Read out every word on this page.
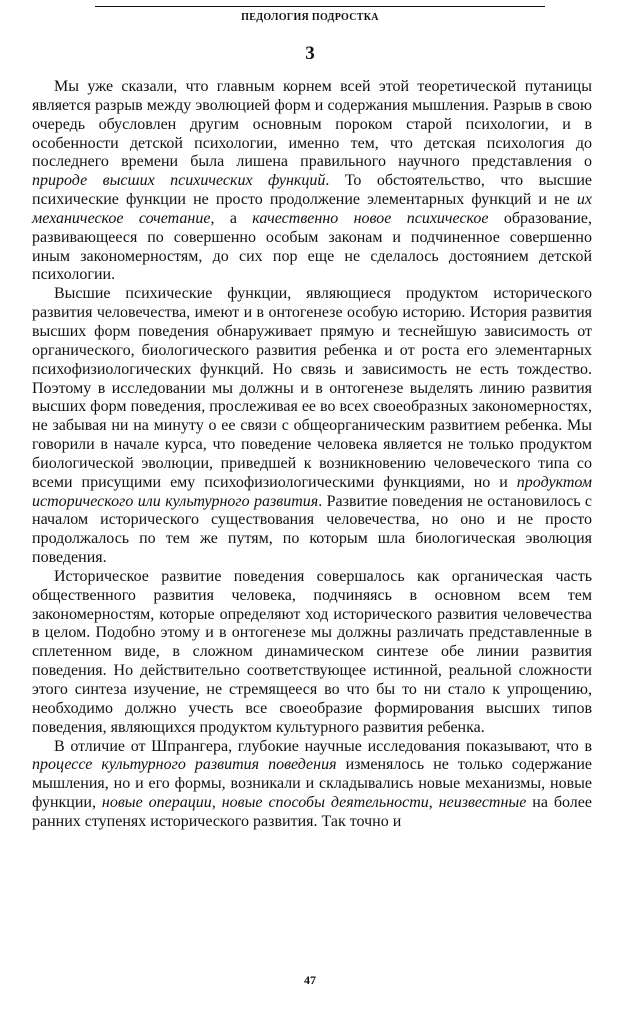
ПЕДОЛОГИЯ ПОДРОСТКА
3

Мы уже сказали, что главным корнем всей этой теоретической путаницы является разрыв между эволюцией форм и содержания мышления. Разрыв в свою очередь обусловлен другим основным пороком старой психологии, и в особенности детской психологии, именно тем, что детская психология до последнего времени была лишена правильного научного представления о природе высших психических функций. То обстоятельство, что высшие психические функции не просто продолжение элементарных функций и не их механическое сочетание, а качественно новое психическое образование, развивающееся по совершенно особым законам и подчиненное совершенно иным закономерностям, до сих пор еще не сделалось достоянием детской психологии.

Высшие психические функции, являющиеся продуктом исторического развития человечества, имеют и в онтогенезе особую историю. История развития высших форм поведения обнаруживает прямую и теснейшую зависимость от органического, биологического развития ребенка и от роста его элементарных психофизиологических функций. Но связь и зависимость не есть тождество. Поэтому в исследовании мы должны и в онтогенезе выделять линию развития высших форм поведения, прослеживая ее во всех своеобразных закономерностях, не забывая ни на минуту о ее связи с общеорганическим развитием ребенка. Мы говорили в начале курса, что поведение человека является не только продуктом биологической эволюции, приведшей к возникновению человеческого типа со всеми присущими ему психофизиологическими функциями, но и продуктом исторического или культурного развития. Развитие поведения не остановилось с началом исторического существования человечества, но оно и не просто продолжалось по тем же путям, по которым шла биологическая эволюция поведения.

Историческое развитие поведения совершалось как органическая часть общественного развития человека, подчиняясь в основном всем тем закономерностям, которые определяют ход исторического развития человечества в целом. Подобно этому и в онтогенезе мы должны различать представленные в сплетенном виде, в сложном динамическом синтезе обе линии развития поведения. Но действительно соответствующее истинной, реальной сложности этого синтеза изучение, не стремящееся во что бы то ни стало к упрощению, необходимо должно учесть все своеобразие формирования высших типов поведения, являющихся продуктом культурного развития ребенка.

В отличие от Шпрангера, глубокие научные исследования показывают, что в процессе культурного развития поведения изменялось не только содержание мышления, но и его формы, возникали и складывались новые механизмы, новые функции, новые операции, новые способы деятельности, неизвестные на более ранних ступенях исторического развития. Так точно и

47
